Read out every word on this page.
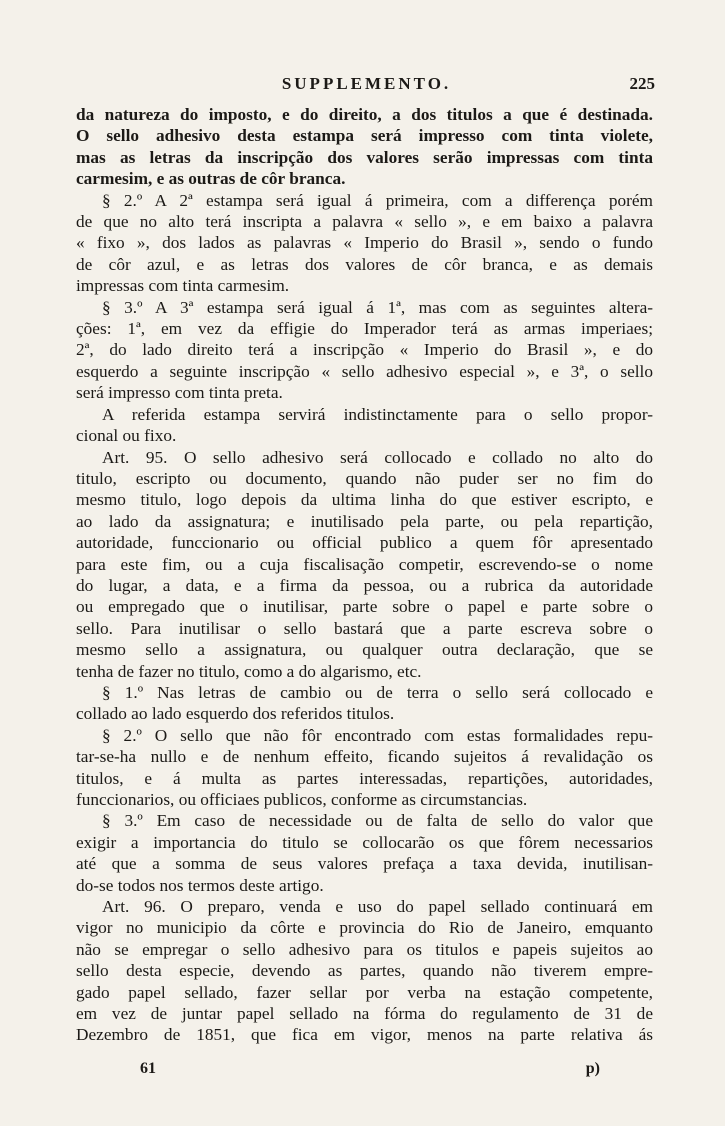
SUPPLEMENTO.	225
da natureza do imposto, e do direito, a dos titulos a que é destinada.
O sello adhesivo desta estampa será impresso com tinta violete,
mas as letras da inscripção dos valores serão impressas com tinta
carmesim, e as outras de côr branca.
§ 2.º A 2ª estampa será igual á primeira, com a differença porém
de que no alto terá inscripta a palavra « sello », e em baixo a palavra
« fixo », dos lados as palavras « Imperio do Brasil », sendo o fundo
de côr azul, e as letras dos valores de côr branca, e as demais
impressas com tinta carmesim.
§ 3.º A 3ª estampa será igual á 1ª, mas com as seguintes altera-
ções: 1ª, em vez da effigie do Imperador terá as armas imperiaes;
2ª, do lado direito terá a inscripção « Imperio do Brasil », e do
esquerdo a seguinte inscripção « sello adhesivo especial », e 3ª, o sello
será impresso com tinta preta.
A referida estampa servirá indistinctamente para o sello propor-
cional ou fixo.
Art. 95. O sello adhesivo será collocado e collado no alto do
titulo, escripto ou documento, quando não puder ser no fim do
mesmo titulo, logo depois da ultima linha do que estiver escripto, e
ao lado da assignatura; e inutilisado pela parte, ou pela repartição,
autoridade, funccionario ou official publico a quem fôr apresentado
para este fim, ou a cuja fiscalisação competir, escrevendo-se o nome
do lugar, a data, e a firma da pessoa, ou a rubrica da autoridade
ou empregado que o inutilisar, parte sobre o papel e parte sobre o
sello. Para inutilisar o sello bastará que a parte escreva sobre o
mesmo sello a assignatura, ou qualquer outra declaração, que se
tenha de fazer no titulo, como a do algarismo, etc.
§ 1.º Nas letras de cambio ou de terra o sello será collocado e
collado ao lado esquerdo dos referidos titulos.
§ 2.º O sello que não fôr encontrado com estas formalidades repu-
tar-se-ha nullo e de nenhum effeito, ficando sujeitos á revalidação os
titulos, e á multa as partes interessadas, repartições, autoridades,
funccionarios, ou officiaes publicos, conforme as circumstancias.
§ 3.º Em caso de necessidade ou de falta de sello do valor que
exigir a importancia do titulo se collocarão os que fôrem necessarios
até que a somma de seus valores prefaça a taxa devida, inutilisan-
do-se todos nos termos deste artigo.
Art. 96. O preparo, venda e uso do papel sellado continuará em
vigor no municipio da côrte e provincia do Rio de Janeiro, emquanto
não se empregar o sello adhesivo para os titulos e papeis sujeitos ao
sello desta especie, devendo as partes, quando não tiverem empre-
gado papel sellado, fazer sellar por verba na estação competente,
em vez de juntar papel sellado na fórma do regulamento de 31 de
Dezembro de 1851, que fica em vigor, menos na parte relativa ás
61	p)
